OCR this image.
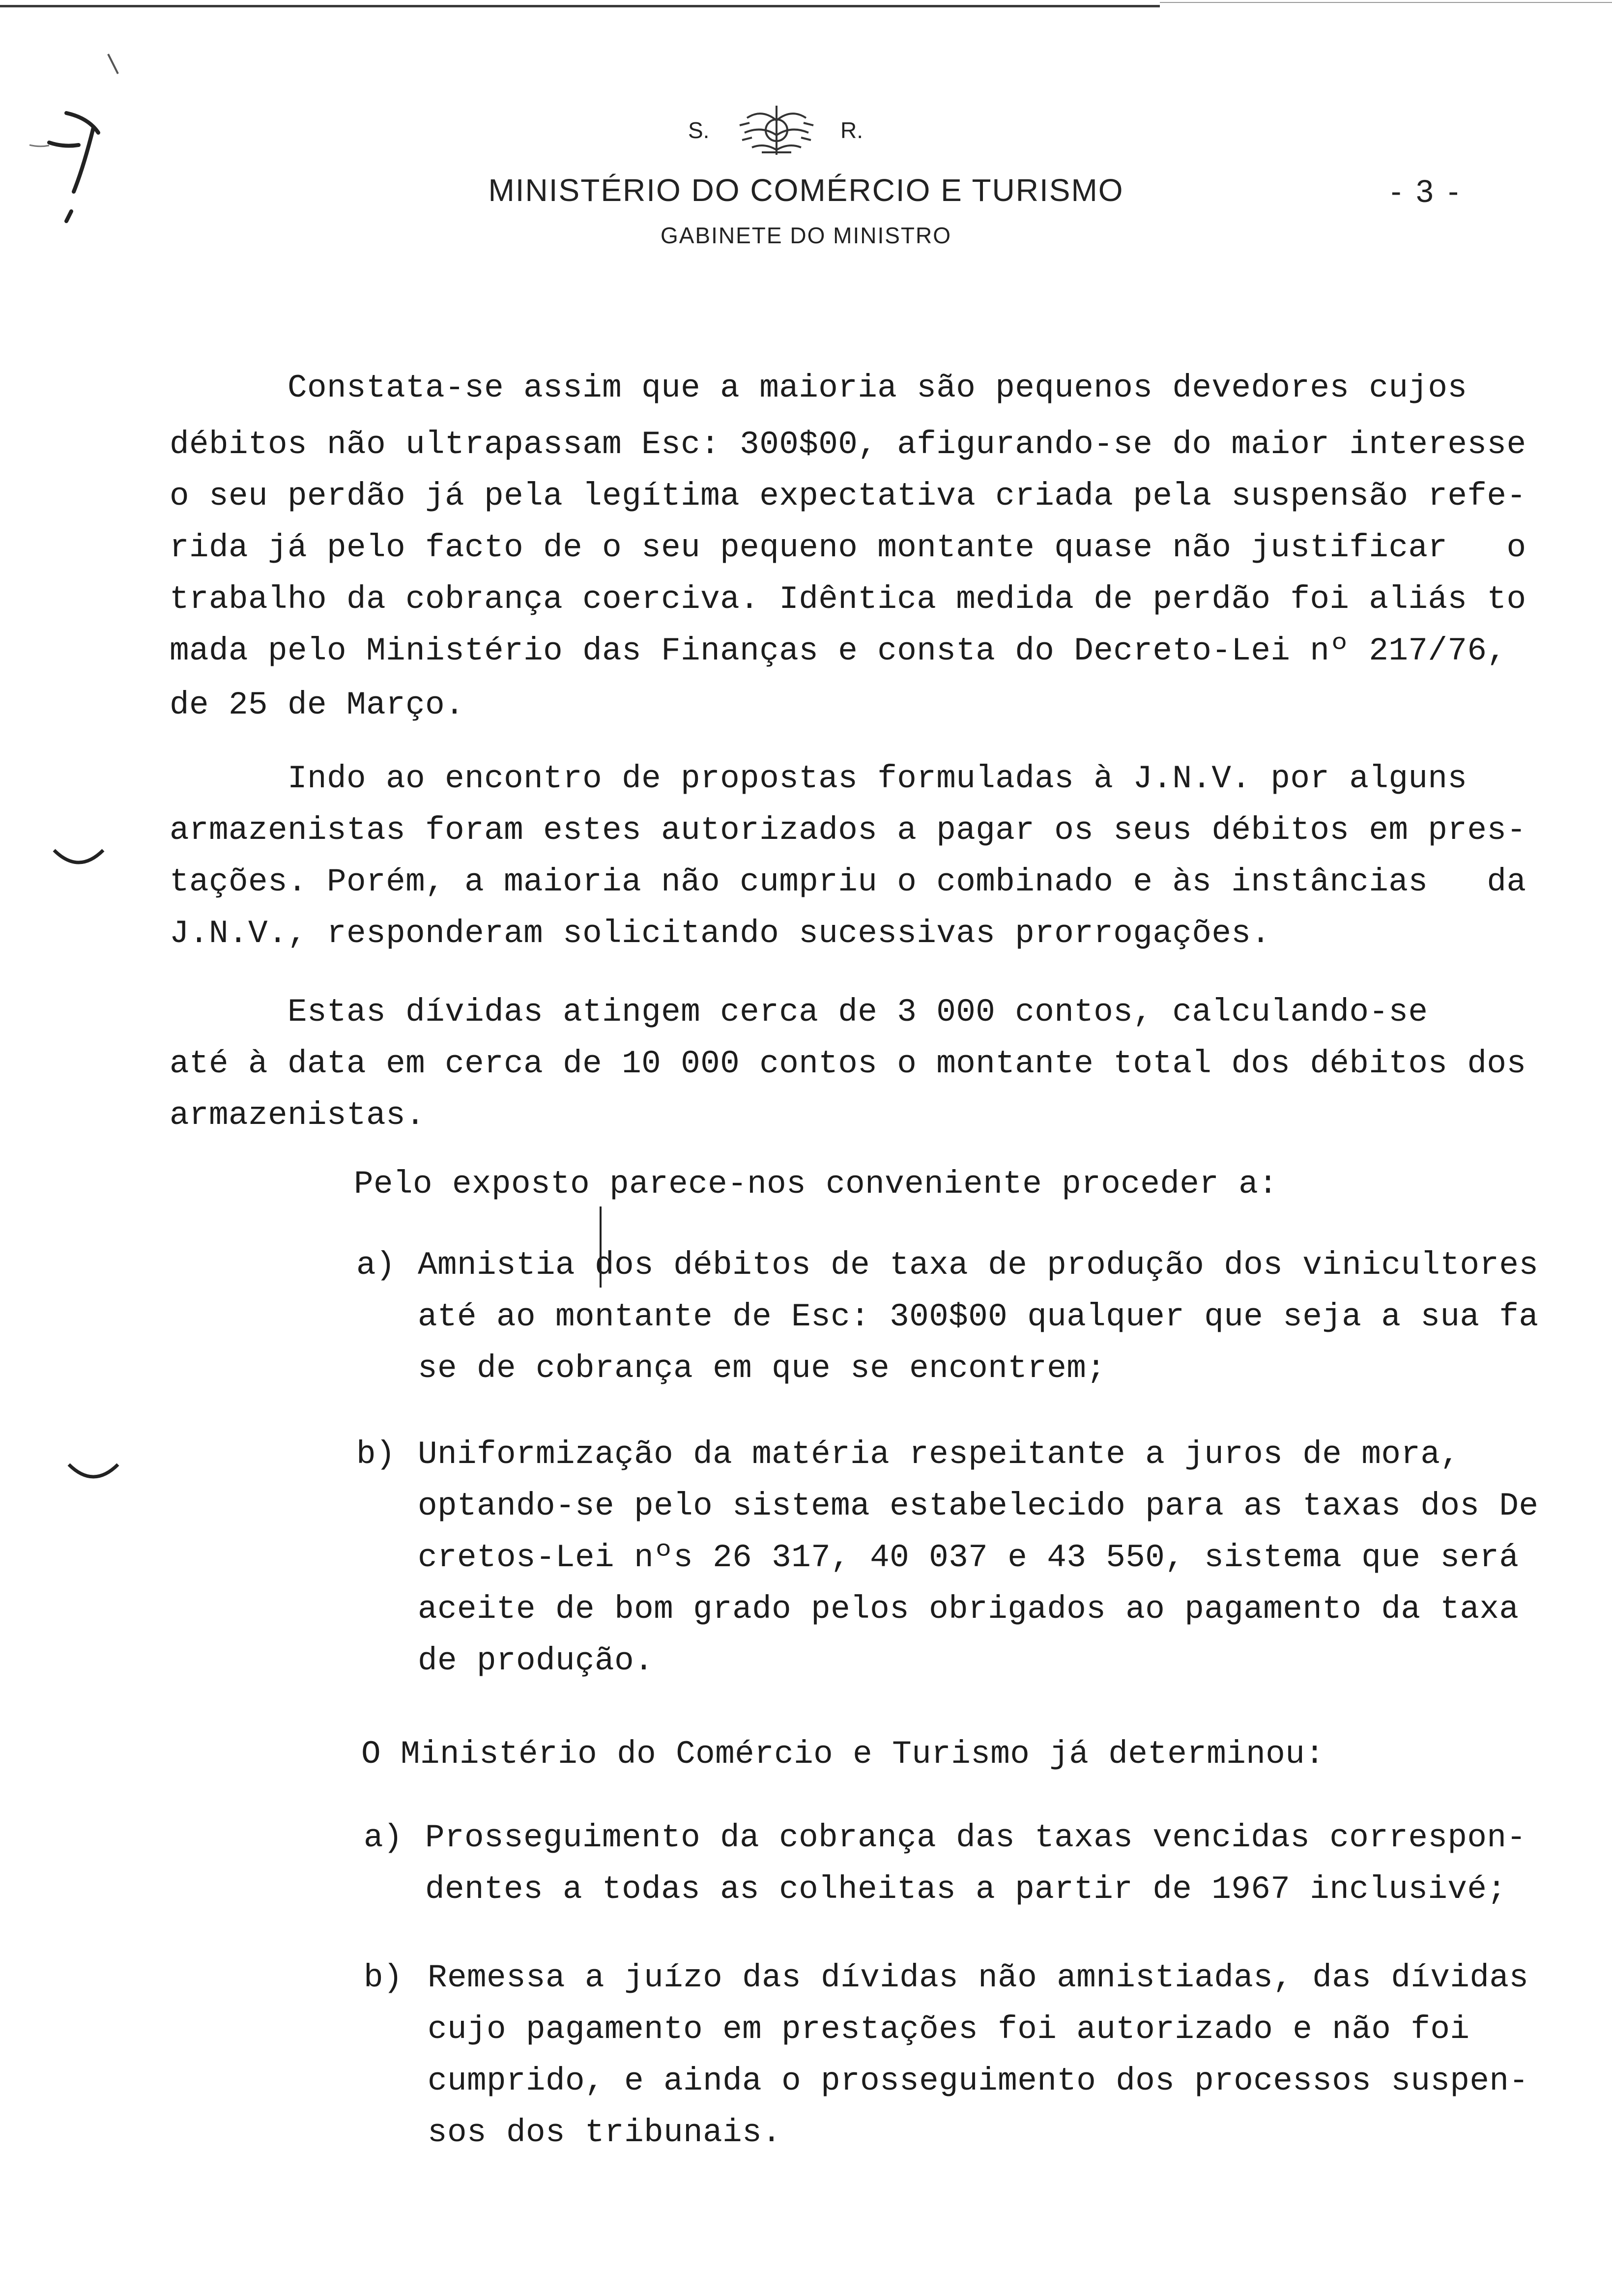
S.	R.
MINISTÉRIO DO COMÉRCIO E TURISMO
GABINETE DO MINISTRO
- 3 -
Constata-se assim que a maioria são pequenos devedores cujos
débitos não ultrapassam Esc: 300$00, afigurando-se do maior interesse
o seu perdão já pela legítima expectativa criada pela suspensão refe-
rida já pelo facto de o seu pequeno montante quase não justificar   o
trabalho da cobrança coerciva. Idêntica medida de perdão foi aliás to
mada pelo Ministério das Finanças e consta do Decreto-Lei nº 217/76,
de 25 de Março.
Indo ao encontro de propostas formuladas à J.N.V. por alguns
armazenistas foram estes autorizados a pagar os seus débitos em pres-
tações. Porém, a maioria não cumpriu o combinado e às instâncias   da
J.N.V., responderam solicitando sucessivas prorrogações.
Estas dívidas atingem cerca de 3 000 contos, calculando-se
até à data em cerca de 10 000 contos o montante total dos débitos dos
armazenistas.
Pelo exposto parece-nos conveniente proceder a:
a) Amnistia dos débitos de taxa de produção dos vinicultores
até ao montante de Esc: 300$00 qualquer que seja a sua fa
se de cobrança em que se encontrem;
b) Uniformização da matéria respeitante a juros de mora,
optando-se pelo sistema estabelecido para as taxas dos De
cretos-Lei nºs 26 317, 40 037 e 43 550, sistema que será
aceite de bom grado pelos obrigados ao pagamento da taxa
de produção.
O Ministério do Comércio e Turismo já determinou:
a) Prosseguimento da cobrança das taxas vencidas correspon-
dentes a todas as colheitas a partir de 1967 inclusivé;
b) Remessa a juízo das dívidas não amnistiadas, das dívidas
cujo pagamento em prestações foi autorizado e não foi
cumprido, e ainda o prosseguimento dos processos suspen-
sos dos tribunais.
